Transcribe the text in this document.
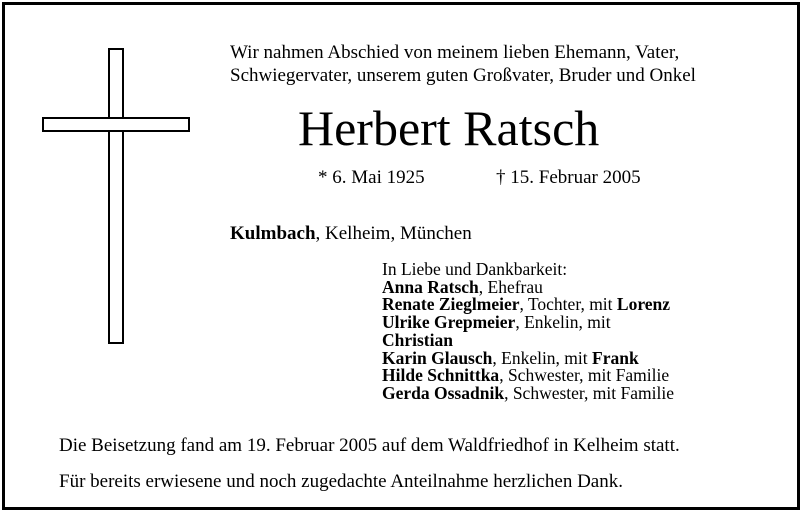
Wir nahmen Abschied von meinem lieben Ehemann, Vater,
Schwiegervater, unserem guten Großvater, Bruder und Onkel
Herbert Ratsch
* 6. Mai 1925	† 15. Februar 2005
Kulmbach, Kelheim, München
In Liebe und Dankbarkeit:
Anna Ratsch, Ehefrau
Renate Zieglmeier, Tochter, mit Lorenz
Ulrike Grepmeier, Enkelin, mit
Christian
Karin Glausch, Enkelin, mit Frank
Hilde Schnittka, Schwester, mit Familie
Gerda Ossadnik, Schwester, mit Familie
Die Beisetzung fand am 19. Februar 2005 auf dem Waldfriedhof in Kelheim statt.
Für bereits erwiesene und noch zugedachte Anteilnahme herzlichen Dank.
